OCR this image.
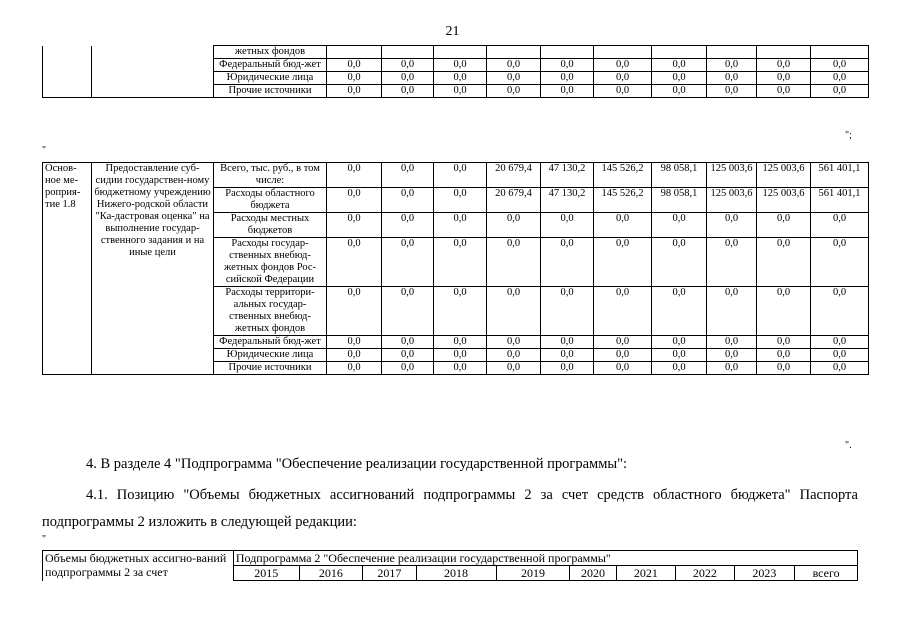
21
		жетных фондов										
		Федеральный бюд-жет	0,0	0,0	0,0	0,0	0,0	0,0	0,0	0,0	0,0	0,0
		Юридические лица	0,0	0,0	0,0	0,0	0,0	0,0	0,0	0,0	0,0	0,0
		Прочие источники	0,0	0,0	0,0	0,0	0,0	0,0	0,0	0,0	0,0	0,0
";
"
Основ-ное ме-роприя-тие 1.8	Предоставление суб-сидии государствен-ному бюджетному учреждению Нижего-родской области "Ка-дастровая оценка" на выполнение государ-ственного задания и на иные цели	Всего, тыс. руб., в том числе:	0,0	0,0	0,0	20 679,4	47 130,2	145 526,2	98 058,1	125 003,6	125 003,6	561 401,1
		Расходы областного бюджета	0,0	0,0	0,0	20 679,4	47 130,2	145 526,2	98 058,1	125 003,6	125 003,6	561 401,1
		Расходы местных бюджетов	0,0	0,0	0,0	0,0	0,0	0,0	0,0	0,0	0,0	0,0
		Расходы государ-ственных внебюд-жетных фондов Рос-сийской Федерации	0,0	0,0	0,0	0,0	0,0	0,0	0,0	0,0	0,0	0,0
		Расходы территори-альных государ-ственных внебюд-жетных фондов	0,0	0,0	0,0	0,0	0,0	0,0	0,0	0,0	0,0	0,0
		Федеральный бюд-жет	0,0	0,0	0,0	0,0	0,0	0,0	0,0	0,0	0,0	0,0
		Юридические лица	0,0	0,0	0,0	0,0	0,0	0,0	0,0	0,0	0,0	0,0
		Прочие источники	0,0	0,0	0,0	0,0	0,0	0,0	0,0	0,0	0,0	0,0
".
4. В разделе 4 "Подпрограмма "Обеспечение реализации государственной программы":
4.1. Позицию "Объемы бюджетных ассигнований подпрограммы 2 за счет средств областного бюджета" Паспорта подпрограммы 2 изложить в следующей редакции:
"
Объемы бюджетных ассигно-ваний подпрограммы 2 за счет	Подпрограмма 2 "Обеспечение реализации государственной программы"									
	2015	2016	2017	2018	2019	2020	2021	2022	2023	всего
